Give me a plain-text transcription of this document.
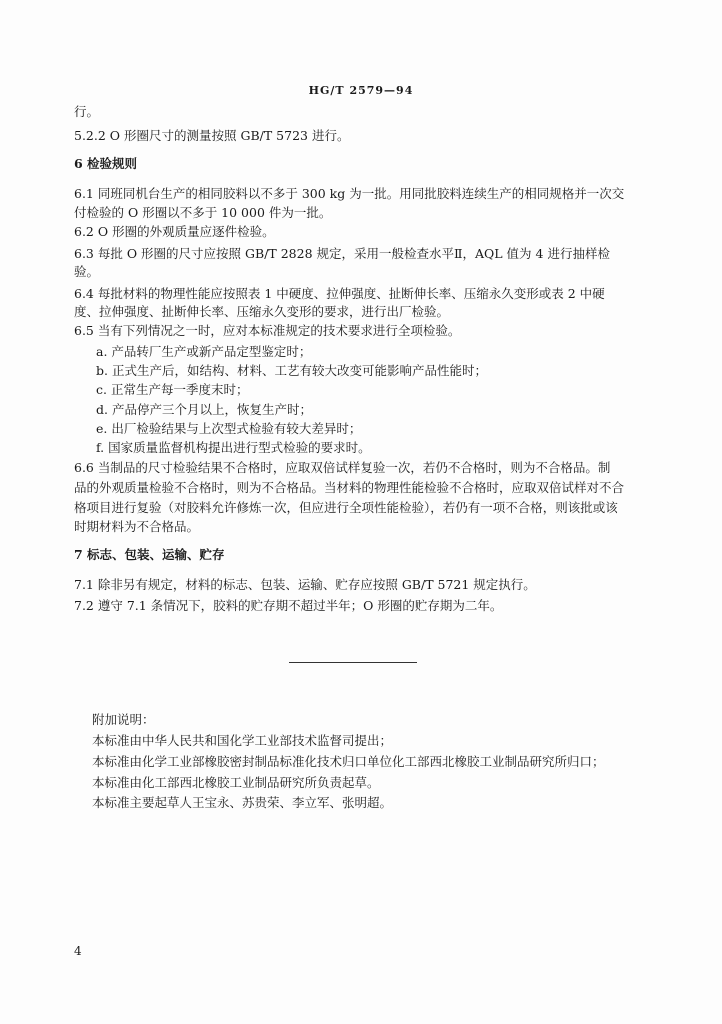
HG/T 2579—94
行。
5.2.2 O 形圈尺寸的测量按照 GB/T 5723 进行。
6 检验规则
6.1 同班同机台生产的相同胶料以不多于 300 kg 为一批。用同批胶料连续生产的相同规格并一次交
付检验的 O 形圈以不多于 10 000 件为一批。
6.2 O 形圈的外观质量应逐件检验。
6.3 每批 O 形圈的尺寸应按照 GB/T 2828 规定，采用一般检查水平Ⅱ，AQL 值为 4 进行抽样检
验。
6.4 每批材料的物理性能应按照表 1 中硬度、拉伸强度、扯断伸长率、压缩永久变形或表 2 中硬
度、拉伸强度、扯断伸长率、压缩永久变形的要求，进行出厂检验。
6.5 当有下列情况之一时，应对本标准规定的技术要求进行全项检验。
a. 产品转厂生产或新产品定型鉴定时；
b. 正式生产后，如结构、材料、工艺有较大改变可能影响产品性能时；
c. 正常生产每一季度末时；
d. 产品停产三个月以上，恢复生产时；
e. 出厂检验结果与上次型式检验有较大差异时；
f. 国家质量监督机构提出进行型式检验的要求时。
6.6 当制品的尺寸检验结果不合格时，应取双倍试样复验一次，若仍不合格时，则为不合格品。制
品的外观质量检验不合格时，则为不合格品。当材料的物理性能检验不合格时，应取双倍试样对不合
格项目进行复验（对胶料允许修炼一次，但应进行全项性能检验），若仍有一项不合格，则该批或该
时期材料为不合格品。
7 标志、包装、运输、贮存
7.1 除非另有规定，材料的标志、包装、运输、贮存应按照 GB/T 5721 规定执行。
7.2 遵守 7.1 条情况下，胶料的贮存期不超过半年；O 形圈的贮存期为二年。
附加说明：
本标准由中华人民共和国化学工业部技术监督司提出；
本标准由化学工业部橡胶密封制品标准化技术归口单位化工部西北橡胶工业制品研究所归口；
本标准由化工部西北橡胶工业制品研究所负责起草。
本标准主要起草人王宝永、苏贵荣、李立军、张明超。
4
